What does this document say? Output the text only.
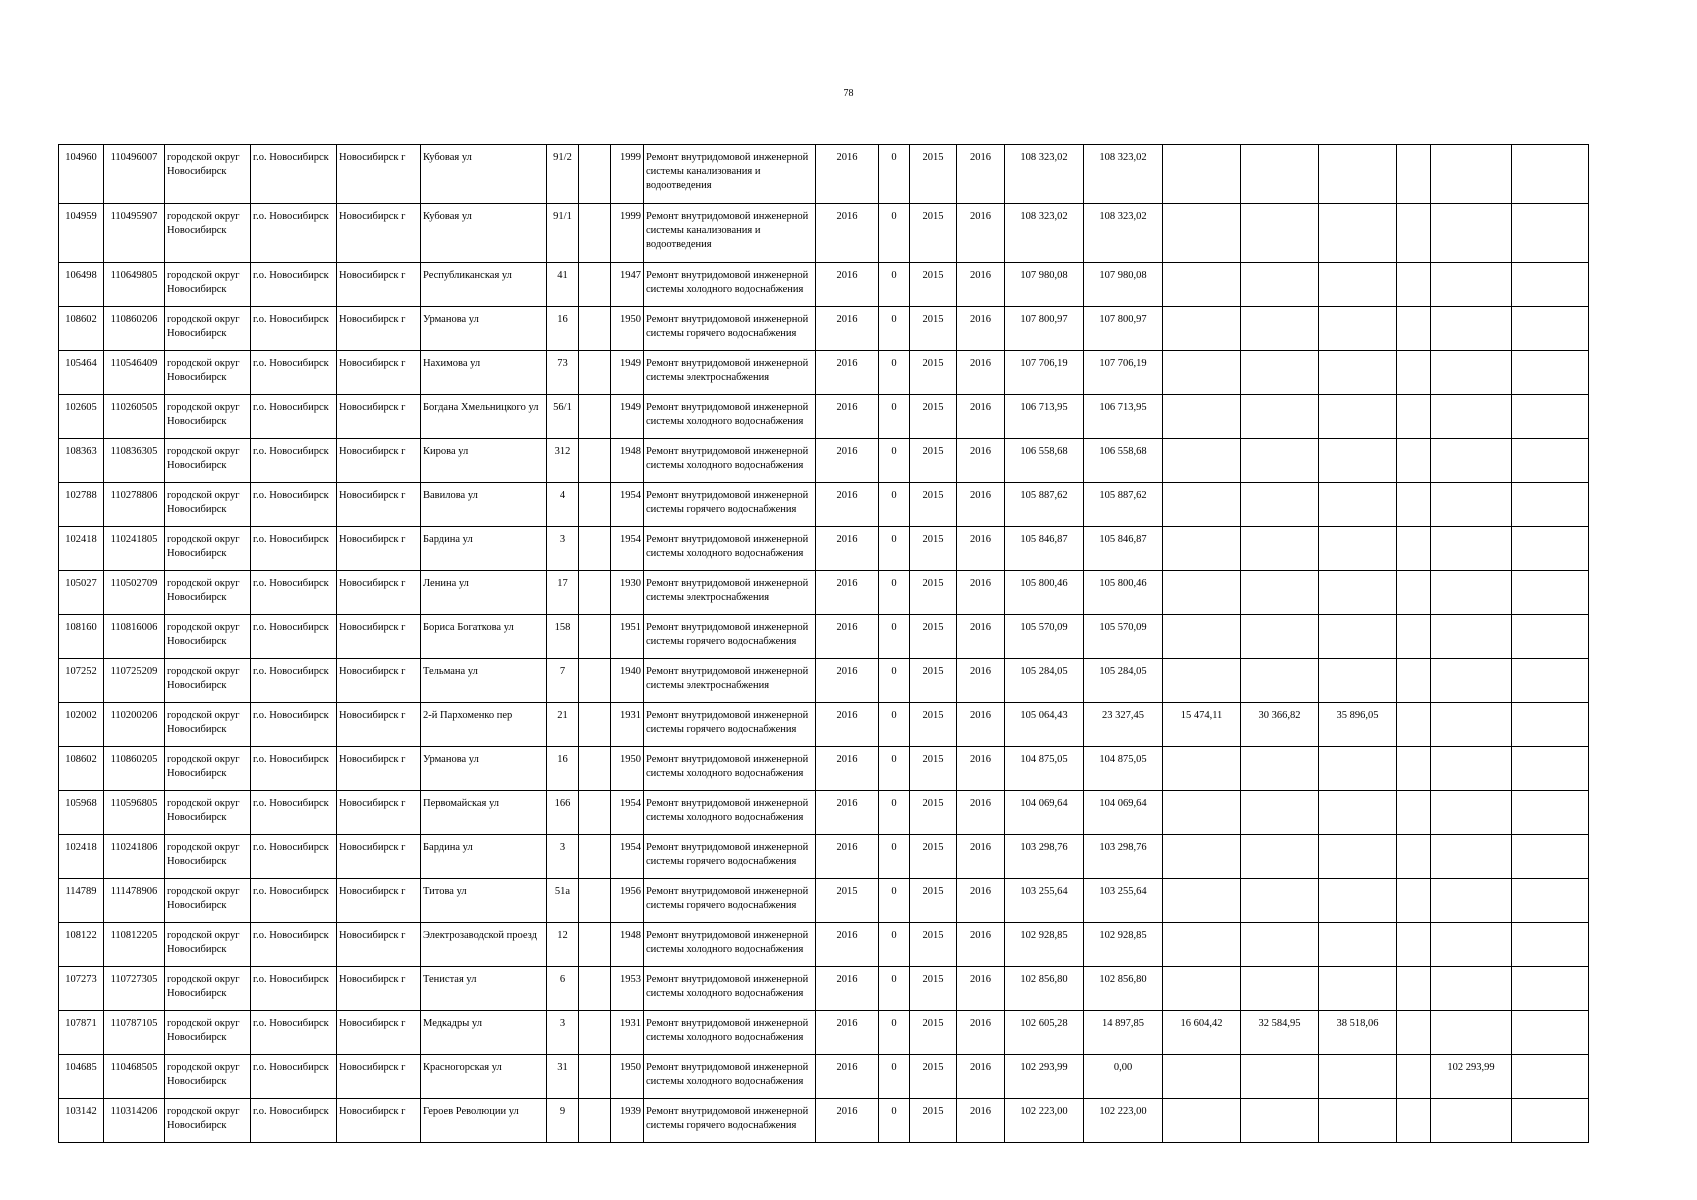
78
104960	110496007	городской округ Новосибирск	г.о. Новосибирск	Новосибирск г	Кубовая ул	91/2		1999	Ремонт внутридомовой инженерной системы канализования и водоотведения	2016	0	2015	2016	108 323,02	108 323,02						
104959	110495907	городской округ Новосибирск	г.о. Новосибирск	Новосибирск г	Кубовая ул	91/1		1999	Ремонт внутридомовой инженерной системы канализования и водоотведения	2016	0	2015	2016	108 323,02	108 323,02						
106498	110649805	городской округ Новосибирск	г.о. Новосибирск	Новосибирск г	Республиканская ул	41		1947	Ремонт внутридомовой инженерной системы холодного водоснабжения	2016	0	2015	2016	107 980,08	107 980,08						
108602	110860206	городской округ Новосибирск	г.о. Новосибирск	Новосибирск г	Урманова ул	16		1950	Ремонт внутридомовой инженерной системы горячего водоснабжения	2016	0	2015	2016	107 800,97	107 800,97						
105464	110546409	городской округ Новосибирск	г.о. Новосибирск	Новосибирск г	Нахимова ул	73		1949	Ремонт внутридомовой инженерной системы электроснабжения	2016	0	2015	2016	107 706,19	107 706,19						
102605	110260505	городской округ Новосибирск	г.о. Новосибирск	Новосибирск г	Богдана Хмельницкого ул	56/1		1949	Ремонт внутридомовой инженерной системы холодного водоснабжения	2016	0	2015	2016	106 713,95	106 713,95						
108363	110836305	городской округ Новосибирск	г.о. Новосибирск	Новосибирск г	Кирова ул	312		1948	Ремонт внутридомовой инженерной системы холодного водоснабжения	2016	0	2015	2016	106 558,68	106 558,68						
102788	110278806	городской округ Новосибирск	г.о. Новосибирск	Новосибирск г	Вавилова ул	4		1954	Ремонт внутридомовой инженерной системы горячего водоснабжения	2016	0	2015	2016	105 887,62	105 887,62						
102418	110241805	городской округ Новосибирск	г.о. Новосибирск	Новосибирск г	Бардина ул	3		1954	Ремонт внутридомовой инженерной системы холодного водоснабжения	2016	0	2015	2016	105 846,87	105 846,87						
105027	110502709	городской округ Новосибирск	г.о. Новосибирск	Новосибирск г	Ленина ул	17		1930	Ремонт внутридомовой инженерной системы электроснабжения	2016	0	2015	2016	105 800,46	105 800,46						
108160	110816006	городской округ Новосибирск	г.о. Новосибирск	Новосибирск г	Бориса Богаткова ул	158		1951	Ремонт внутридомовой инженерной системы горячего водоснабжения	2016	0	2015	2016	105 570,09	105 570,09						
107252	110725209	городской округ Новосибирск	г.о. Новосибирск	Новосибирск г	Тельмана ул	7		1940	Ремонт внутридомовой инженерной системы электроснабжения	2016	0	2015	2016	105 284,05	105 284,05						
102002	110200206	городской округ Новосибирск	г.о. Новосибирск	Новосибирск г	2-й Пархоменко пер	21		1931	Ремонт внутридомовой инженерной системы горячего водоснабжения	2016	0	2015	2016	105 064,43	23 327,45	15 474,11	30 366,82	35 896,05			
108602	110860205	городской округ Новосибирск	г.о. Новосибирск	Новосибирск г	Урманова ул	16		1950	Ремонт внутридомовой инженерной системы холодного водоснабжения	2016	0	2015	2016	104 875,05	104 875,05						
105968	110596805	городской округ Новосибирск	г.о. Новосибирск	Новосибирск г	Первомайская ул	166		1954	Ремонт внутридомовой инженерной системы холодного водоснабжения	2016	0	2015	2016	104 069,64	104 069,64						
102418	110241806	городской округ Новосибирск	г.о. Новосибирск	Новосибирск г	Бардина ул	3		1954	Ремонт внутридомовой инженерной системы горячего водоснабжения	2016	0	2015	2016	103 298,76	103 298,76						
114789	111478906	городской округ Новосибирск	г.о. Новосибирск	Новосибирск г	Титова ул	51а		1956	Ремонт внутридомовой инженерной системы горячего водоснабжения	2015	0	2015	2016	103 255,64	103 255,64						
108122	110812205	городской округ Новосибирск	г.о. Новосибирск	Новосибирск г	Электрозаводской проезд	12		1948	Ремонт внутридомовой инженерной системы холодного водоснабжения	2016	0	2015	2016	102 928,85	102 928,85						
107273	110727305	городской округ Новосибирск	г.о. Новосибирск	Новосибирск г	Тенистая ул	6		1953	Ремонт внутридомовой инженерной системы холодного водоснабжения	2016	0	2015	2016	102 856,80	102 856,80						
107871	110787105	городской округ Новосибирск	г.о. Новосибирск	Новосибирск г	Медкадры ул	3		1931	Ремонт внутридомовой инженерной системы холодного водоснабжения	2016	0	2015	2016	102 605,28	14 897,85	16 604,42	32 584,95	38 518,06			
104685	110468505	городской округ Новосибирск	г.о. Новосибирск	Новосибирск г	Красногорская ул	31		1950	Ремонт внутридомовой инженерной системы холодного водоснабжения	2016	0	2015	2016	102 293,99	0,00					102 293,99	
103142	110314206	городской округ Новосибирск	г.о. Новосибирск	Новосибирск г	Героев Революции ул	9		1939	Ремонт внутридомовой инженерной системы горячего водоснабжения	2016	0	2015	2016	102 223,00	102 223,00						
